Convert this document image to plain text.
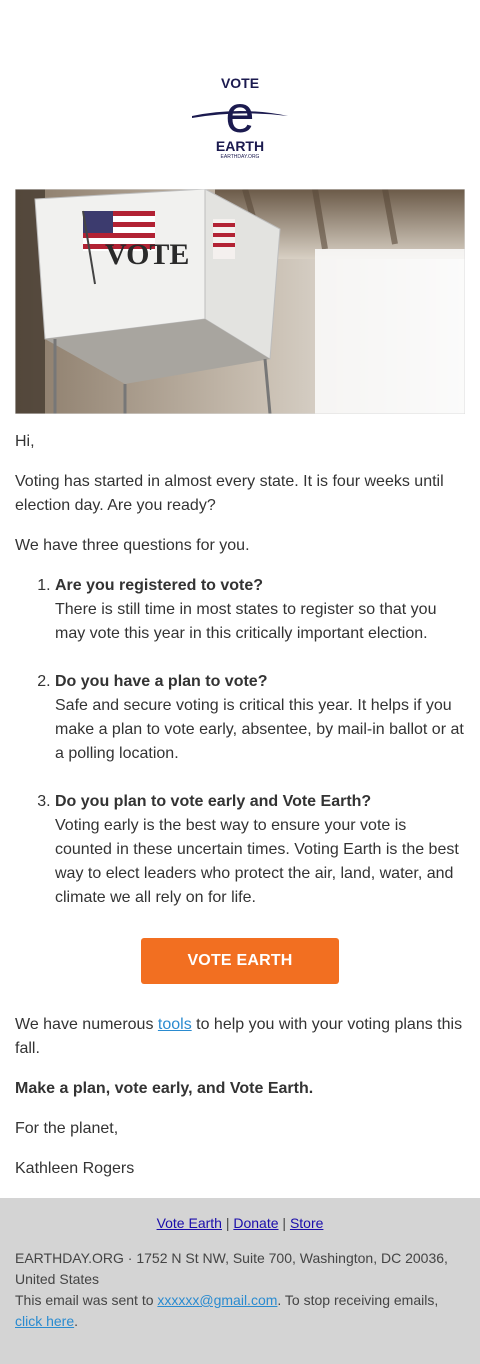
VOTE
e
EARTH
EARTHDAY.ORG
VOTE

Hi,

Voting has started in almost every state. It is four weeks until election day. Are you ready?

We have three questions for you.

1. Are you registered to vote?
There is still time in most states to register so that you may vote this year in this critically important election.
2. Do you have a plan to vote?
Safe and secure voting is critical this year. It helps if you make a plan to vote early, absentee, by mail-in ballot or at a polling location.
3. Do you plan to vote early and Vote Earth?
Voting early is the best way to ensure your vote is counted in these uncertain times. Voting Earth is the best way to elect leaders who protect the air, land, water, and climate we all rely on for life.
VOTE EARTH

We have numerous tools to help you with your voting plans this fall.

Make a plan, vote early, and Vote Earth.

For the planet,

Kathleen Rogers

Vote Earth | Donate | Store
EARTHDAY.ORG · 1752 N St NW, Suite 700, Washington, DC 20036, United States
This email was sent to xxxxxx@gmail.com. To stop receiving emails, click here.
